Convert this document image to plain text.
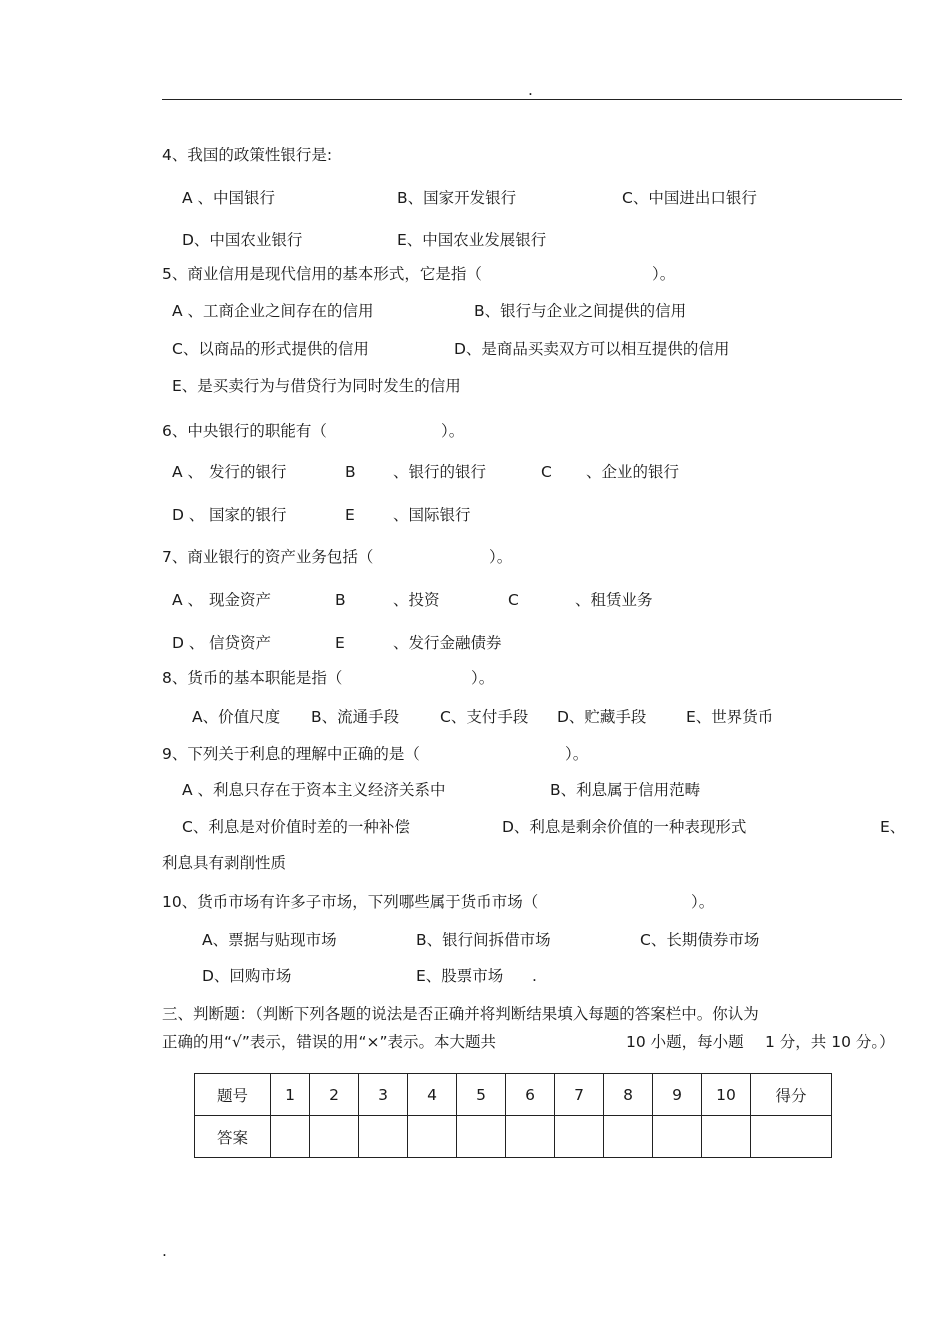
.
4、我国的政策性银行是:
A 、中国银行	B、国家开发银行	C、中国进出口银行
D、中国农业银行	E、中国农业发展银行
5、商业信用是现代信用的基本形式，它是指（	）。
A 、工商企业之间存在的信用	B、银行与企业之间提供的信用
C、以商品的形式提供的信用	D、是商品买卖双方可以相互提供的信用
E、是买卖行为与借贷行为同时发生的信用
6、中央银行的职能有（	）。
A 、 发行的银行	B 、银行的银行	C 、企业的银行
D 、 国家的银行	E 、国际银行
7、商业银行的资产业务包括（	）。
A 、 现金资产	B	、投资	C	、租赁业务
D 、 信贷资产	E	、发行金融债券
8、货币的基本职能是指（	）。
A、价值尺度 B、流通手段	C、支付手段 D、贮藏手段	E、世界货币
9、下列关于利息的理解中正确的是（	）。
A 、利息只存在于资本主义经济关系中	B、利息属于信用范畴
C、利息是对价值时差的一种补偿	D、利息是剩余价值的一种表现形式	E、
利息具有剥削性质
10、货币市场有许多子市场，下列哪些属于货币市场（	）。
A、票据与贴现市场	B、银行间拆借市场	C、长期债券市场
D、回购市场	E、股票市场 .
三、判断题：（判断下列各题的说法是否正确并将判断结果填入每题的答案栏中。你认为
正确的用“√”表示，错误的用“×”表示。本大题共	10 小题，每小题 1 分，共 10 分。）
题号	1	2	3	4	5	6	7	8	9	10	得分
答案											
.
